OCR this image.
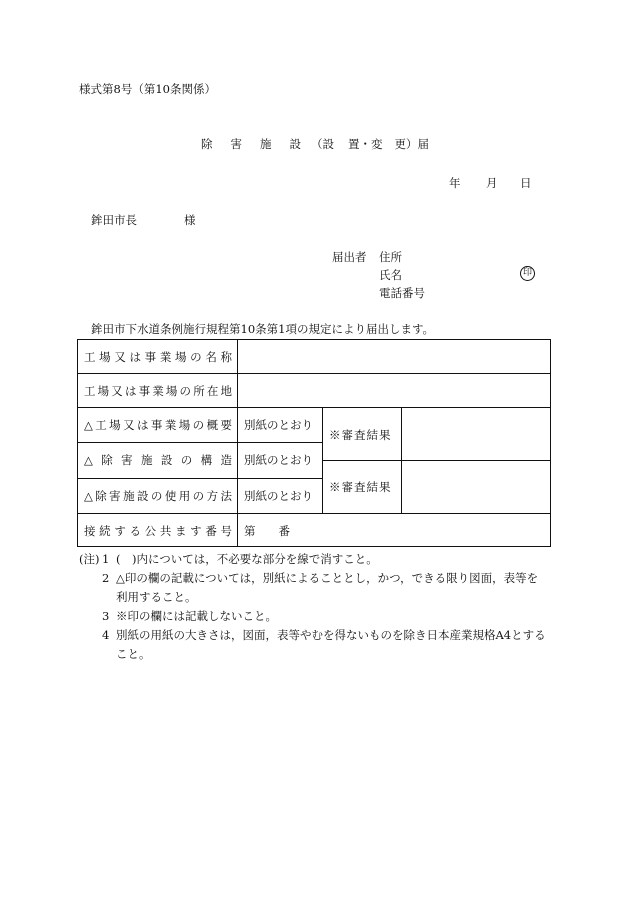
様式第8号（第10条関係）
除 害 施 設 （設 置・変 更）届
年 月 日
鉾田市長	様
届出者 住所
氏名	印
電話番号
鉾田市下水道条例施行規程第10条第1項の規定により届出します。
工場又は事業場の名称
工場又は事業場の所在地
△工場又は事業場の概要 別紙のとおり
△ 除 害 施 設 の 構 造 別紙のとおり
△除害施設の使用の方法 別紙のとおり
※審査結果
※審査結果
接続する公共ます番号 第　　番
(注) 1 (　)内については，不必要な部分を線で消すこと。
2 △印の欄の記載については，別紙によることとし，かつ，できる限り図面，表等を利用すること。
3 ※印の欄には記載しないこと。
4 別紙の用紙の大きさは，図面，表等やむを得ないものを除き日本産業規格A4とすること。
